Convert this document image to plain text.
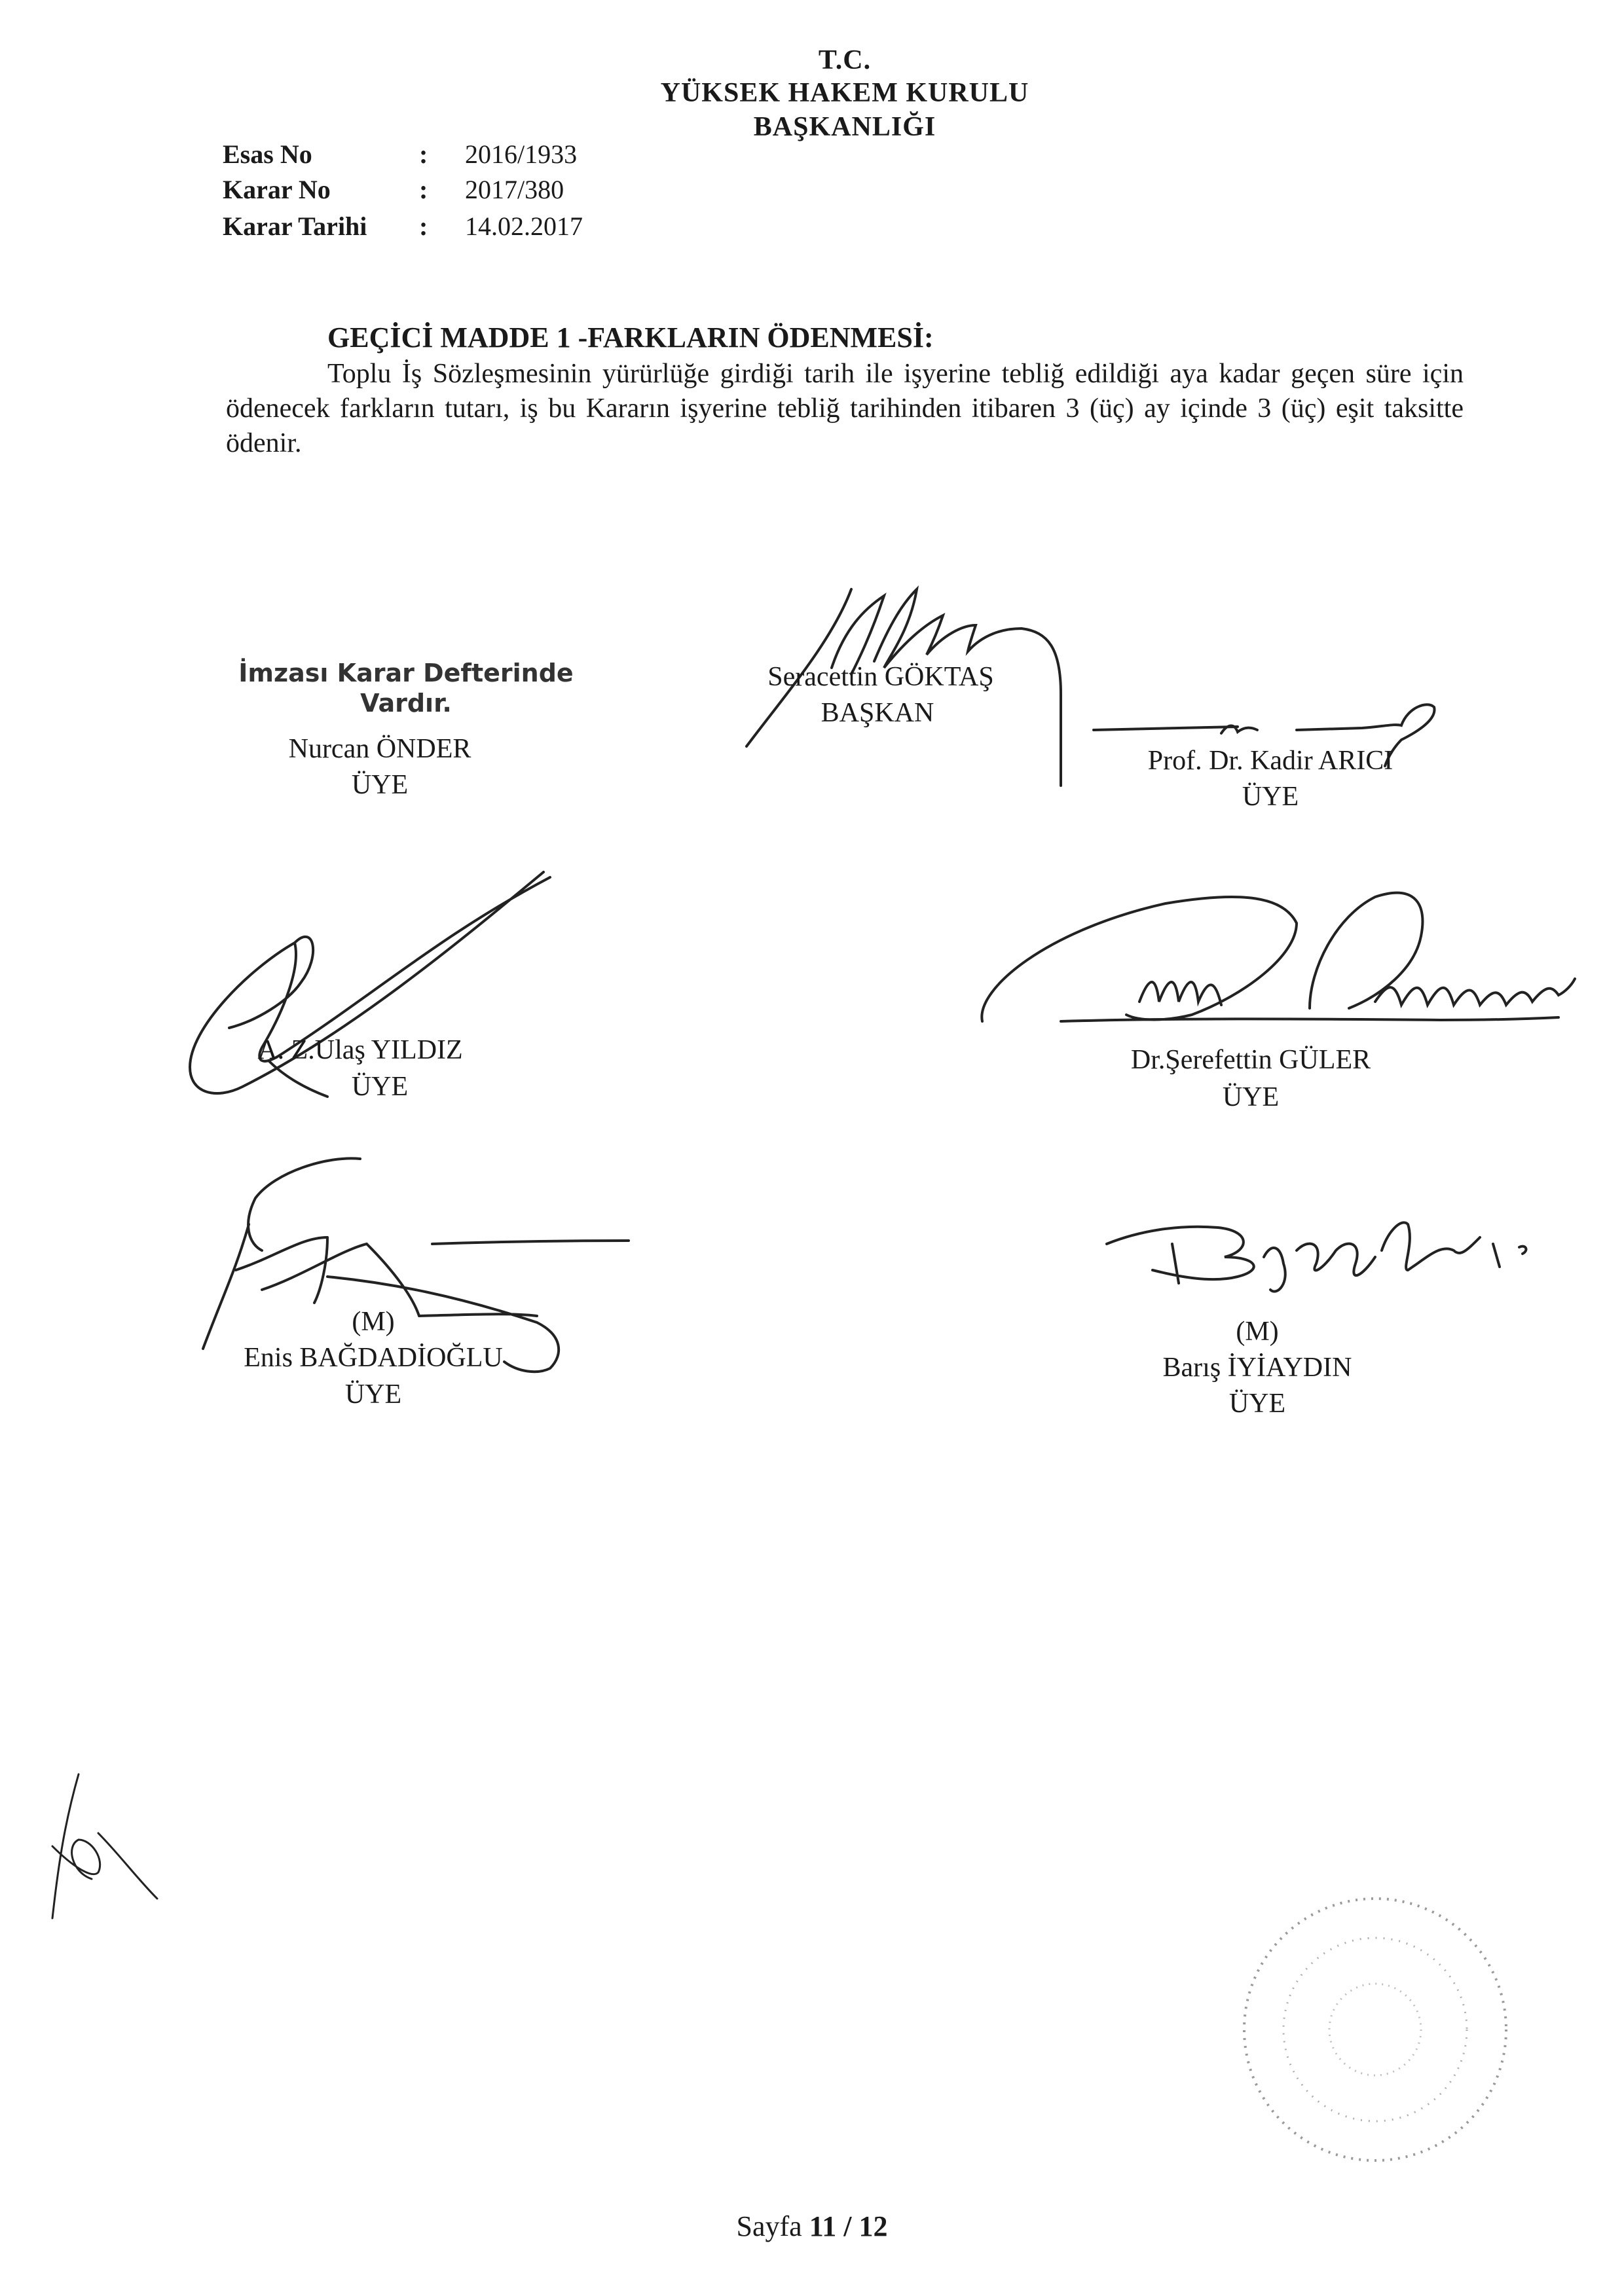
T.C.
YÜKSEK HAKEM KURULU
BAŞKANLIĞI
Esas No	: 2016/1933
Karar No	: 2017/380
Karar Tarihi : 14.02.2017
GEÇİCİ MADDE 1 -FARKLARIN ÖDENMESİ:
Toplu İş Sözleşmesinin yürürlüğe girdiği tarih ile işyerine tebliğ edildiği aya kadar geçen süre için ödenecek farkların tutarı, iş bu Kararın işyerine tebliğ tarihinden itibaren 3 (üç) ay içinde 3 (üç) eşit taksitte ödenir.
İmzası Karar Defterinde
Vardır.
Nurcan ÖNDER
ÜYE
Seracettin GÖKTAŞ
BAŞKAN
Prof. Dr. Kadir ARICI
ÜYE
A. Z.Ulaş YILDIZ
ÜYE
Dr.Şerefettin GÜLER
ÜYE
(M)
Enis BAĞDADİOĞLU
ÜYE
(M)
Barış İYİAYDIN
ÜYE
Sayfa 11 / 12
